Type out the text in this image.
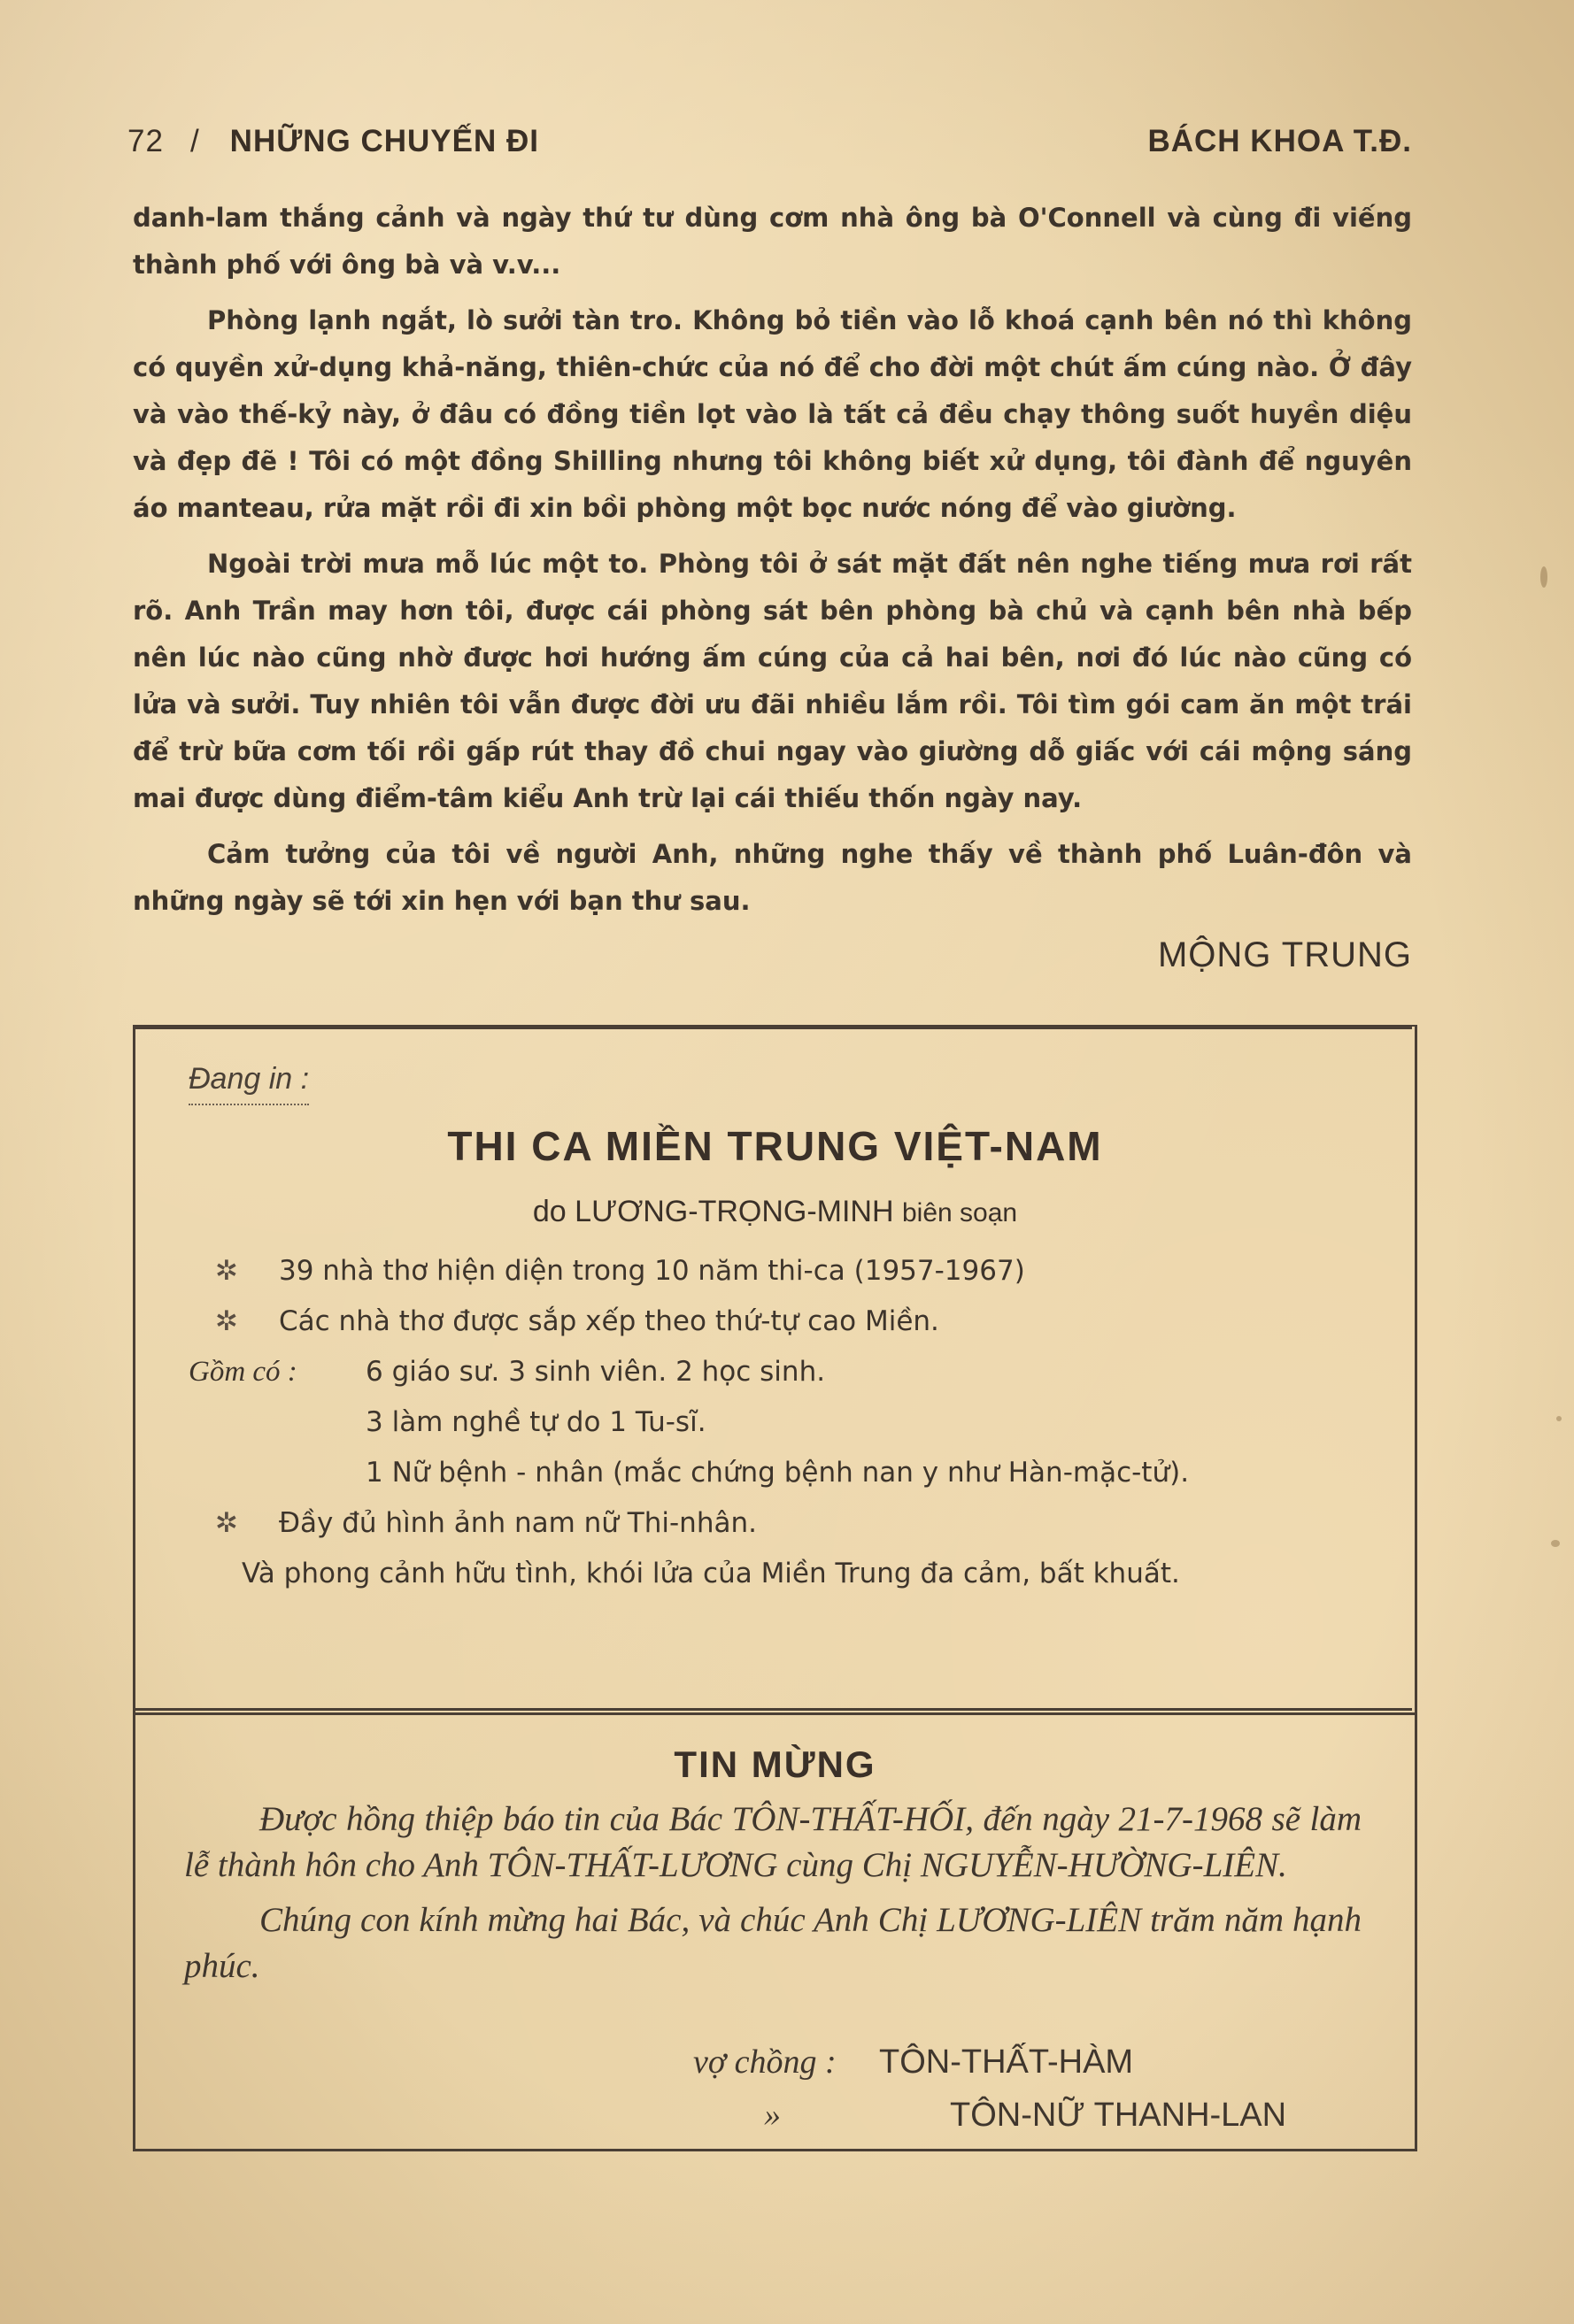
72 / NHỮNG CHUYẾN ĐI	BÁCH KHOA T.Đ.

danh-lam thắng cảnh và ngày thứ tư dùng cơm nhà ông bà O'Connell và cùng đi viếng thành phố với ông bà và v.v...

Phòng lạnh ngắt, lò sưởi tàn tro. Không bỏ tiền vào lỗ khoá cạnh bên nó thì không có quyền xử-dụng khả-năng, thiên-chức của nó để cho đời một chút ấm cúng nào. Ở đây và vào thế-kỷ này, ở đâu có đồng tiền lọt vào là tất cả đều chạy thông suốt huyền diệu và đẹp đẽ ! Tôi có một đồng Shilling nhưng tôi không biết xử dụng, tôi đành để nguyên áo manteau, rửa mặt rồi đi xin bồi phòng một bọc nước nóng để vào giường.

Ngoài trời mưa mỗ lúc một to. Phòng tôi ở sát mặt đất nên nghe tiếng mưa rơi rất rõ. Anh Trần may hơn tôi, được cái phòng sát bên phòng bà chủ và cạnh bên nhà bếp nên lúc nào cũng nhờ được hơi hướng ấm cúng của cả hai bên, nơi đó lúc nào cũng có lửa và sưởi. Tuy nhiên tôi vẫn được đời ưu đãi nhiều lắm rồi. Tôi tìm gói cam ăn một trái để trừ bữa cơm tối rồi gấp rút thay đồ chui ngay vào giường dỗ giấc với cái mộng sáng mai được dùng điểm-tâm kiểu Anh trừ lại cái thiếu thốn ngày nay.

Cảm tưởng của tôi về người Anh, những nghe thấy về thành phố Luân-đôn và những ngày sẽ tới xin hẹn với bạn thư sau.

MỘNG TRUNG
Đang in :
THI CA MIỀN TRUNG VIỆT-NAM
do LƯƠNG-TRỌNG-MINH biên soạn
✲	39 nhà thơ hiện diện trong 10 năm thi-ca (1957-1967)
✲	Các nhà thơ được sắp xếp theo thứ-tự cao Miền.
Gồm có :	6 giáo sư. 3 sinh viên. 2 học sinh.
3 làm nghề tự do 1 Tu-sĩ.
1 Nữ bệnh - nhân (mắc chứng bệnh nan y như Hàn-mặc-tử).
✲	Đầy đủ hình ảnh nam nữ Thi-nhân.
Và phong cảnh hữu tình, khói lửa của Miền Trung đa cảm, bất khuất.
TIN MỪNG

Được hồng thiệp báo tin của Bác TÔN-THẤT-HỐI, đến ngày 21-7-1968 sẽ làm lễ thành hôn cho Anh TÔN-THẤT-LƯƠNG cùng Chị NGUYỄN-HƯỜNG-LIÊN.

Chúng con kính mừng hai Bác, và chúc Anh Chị LƯƠNG-LIÊN trăm năm hạnh phúc.

vợ chồng :	TÔN-THẤT-HÀM
»	TÔN-NỮ THANH-LAN
